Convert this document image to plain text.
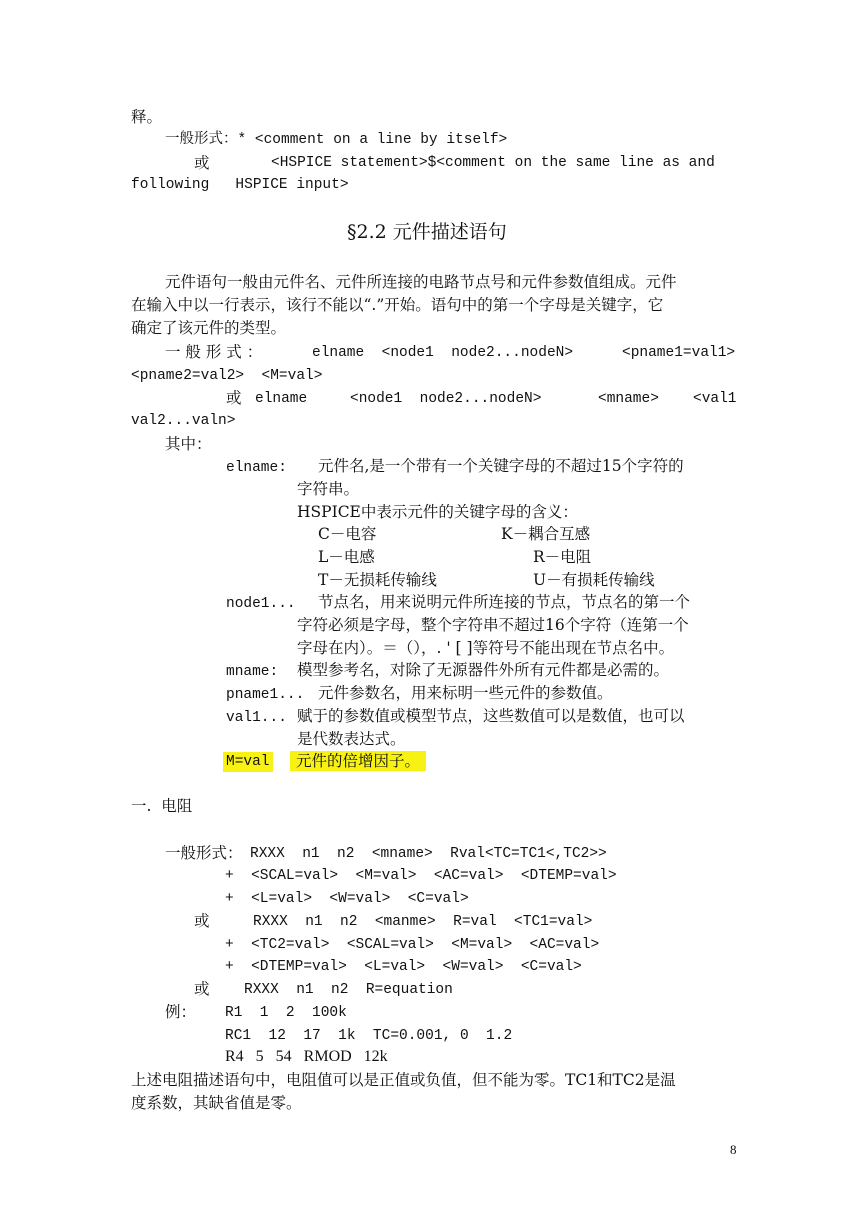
释。
一般形式：* <comment on a line by itself>
或	<HSPICE statement>$<comment on the same line as and
following   HSPICE input>
§2.2 元件描述语句
元件语句一般由元件名、元件所连接的电路节点号和元件参数值组成。元件
在输入中以一行表示，该行不能以“.”开始。语句中的第一个字母是关键字，它
确定了该元件的类型。
一 般 形 式 ：	elname  <node1  node2...nodeN>	<pname1=val1>
<pname2=val2>  <M=val>
或 elname	<node1  node2...nodeN>	<mname> <val1
val2...valn>
其中：
elname: 元件名,是一个带有一个关键字母的不超过15个字符的
字符串。
HSPICE中表示元件的关键字母的含义：
C－电容	K－耦合互感
L－电感	R－电阻
T－无损耗传输线	U－有损耗传输线
node1... 节点名，用来说明元件所连接的节点，节点名的第一个
字符必须是字母，整个字符串不超过16个字符（连第一个
字母在内）。＝（），. ' [ ]等符号不能出现在节点名中。
mname: 模型参考名，对除了无源器件外所有元件都是必需的。
pname1... 元件参数名，用来标明一些元件的参数值。
val1... 赋于的参数值或模型节点，这些数值可以是数值，也可以
是代数表达式。
M=val	元件的倍增因子。
一.  电阻
一般形式： RXXX  n1  n2  <mname>  Rval<TC=TC1<,TC2>>
+  <SCAL=val>  <M=val>  <AC=val>  <DTEMP=val>
+  <L=val>  <W=val>  <C=val>
或	RXXX  n1  n2  <manme>  R=val  <TC1=val>
+  <TC2=val>  <SCAL=val>  <M=val>  <AC=val>
+  <DTEMP=val>  <L=val>  <W=val>  <C=val>
或 RXXX  n1  n2  R=equation
例： R1  1  2  100k
RC1  12  17  1k  TC=0.001, 0  1.2
R4   5   54   RMOD   12k
上述电阻描述语句中，电阻值可以是正值或负值，但不能为零。TC1和TC2是温
度系数，其缺省值是零。
8
